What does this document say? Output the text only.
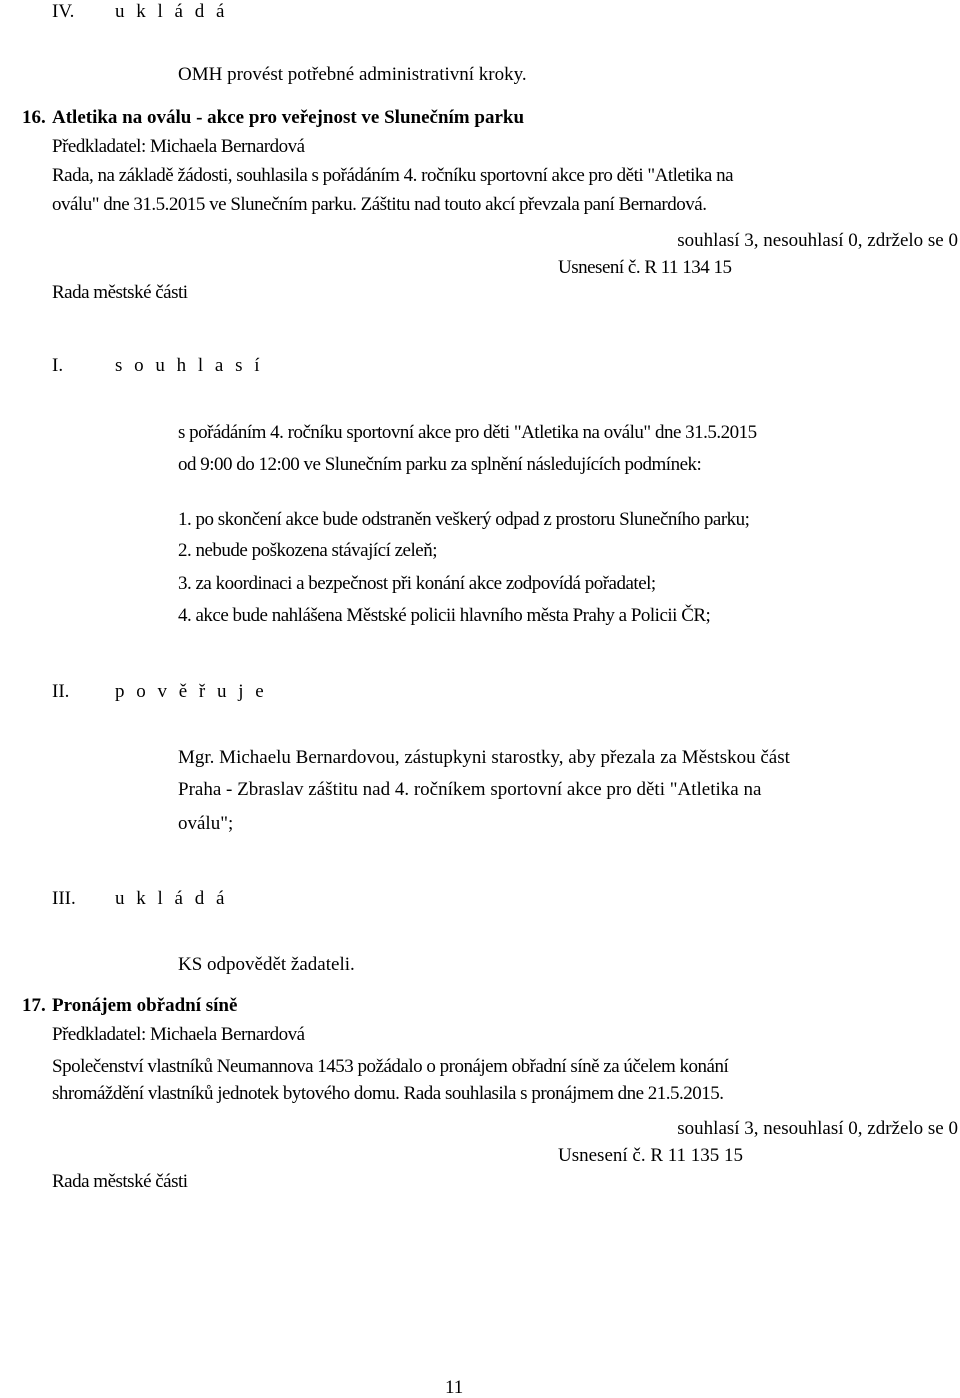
IV. u k l á d á
OMH provést potřebné administrativní kroky.
16. Atletika na oválu - akce pro veřejnost ve Slunečním parku
Předkladatel: Michaela Bernardová
Rada, na základě žádosti, souhlasila s pořádáním 4. ročníku sportovní akce pro děti "Atletika na
oválu" dne 31.5.2015 ve Slunečním parku. Záštitu nad touto akcí převzala paní Bernardová.
souhlasí 3, nesouhlasí 0, zdrželo se 0
Usnesení č. R 11 134 15
Rada městské části
I.	s o u h l a s í
s pořádáním 4. ročníku sportovní akce pro děti "Atletika na oválu" dne 31.5.2015
od 9:00 do 12:00 ve Slunečním parku za splnění následujících podmínek:
1. po skončení akce bude odstraněn veškerý odpad z prostoru Slunečního parku;
2. nebude poškozena stávající zeleň;
3. za koordinaci a bezpečnost při konání akce zodpovídá pořadatel;
4. akce bude nahlášena Městské policii hlavního města Prahy a Policii ČR;
II. p o v ě ř u j e
Mgr. Michaelu Bernardovou, zástupkyni starostky, aby přezala za Městskou část
Praha - Zbraslav záštitu nad 4. ročníkem sportovní akce pro děti "Atletika na
oválu";
III. u k l á d á
KS odpovědět žadateli.
17. Pronájem obřadní síně
Předkladatel: Michaela Bernardová
Společenství vlastníků Neumannova 1453 požádalo o pronájem obřadní síně za účelem konání
shromáždění vlastníků jednotek bytového domu. Rada souhlasila s pronájmem dne 21.5.2015.
souhlasí 3, nesouhlasí 0, zdrželo se 0
Usnesení č. R 11 135 15
Rada městské části
11
